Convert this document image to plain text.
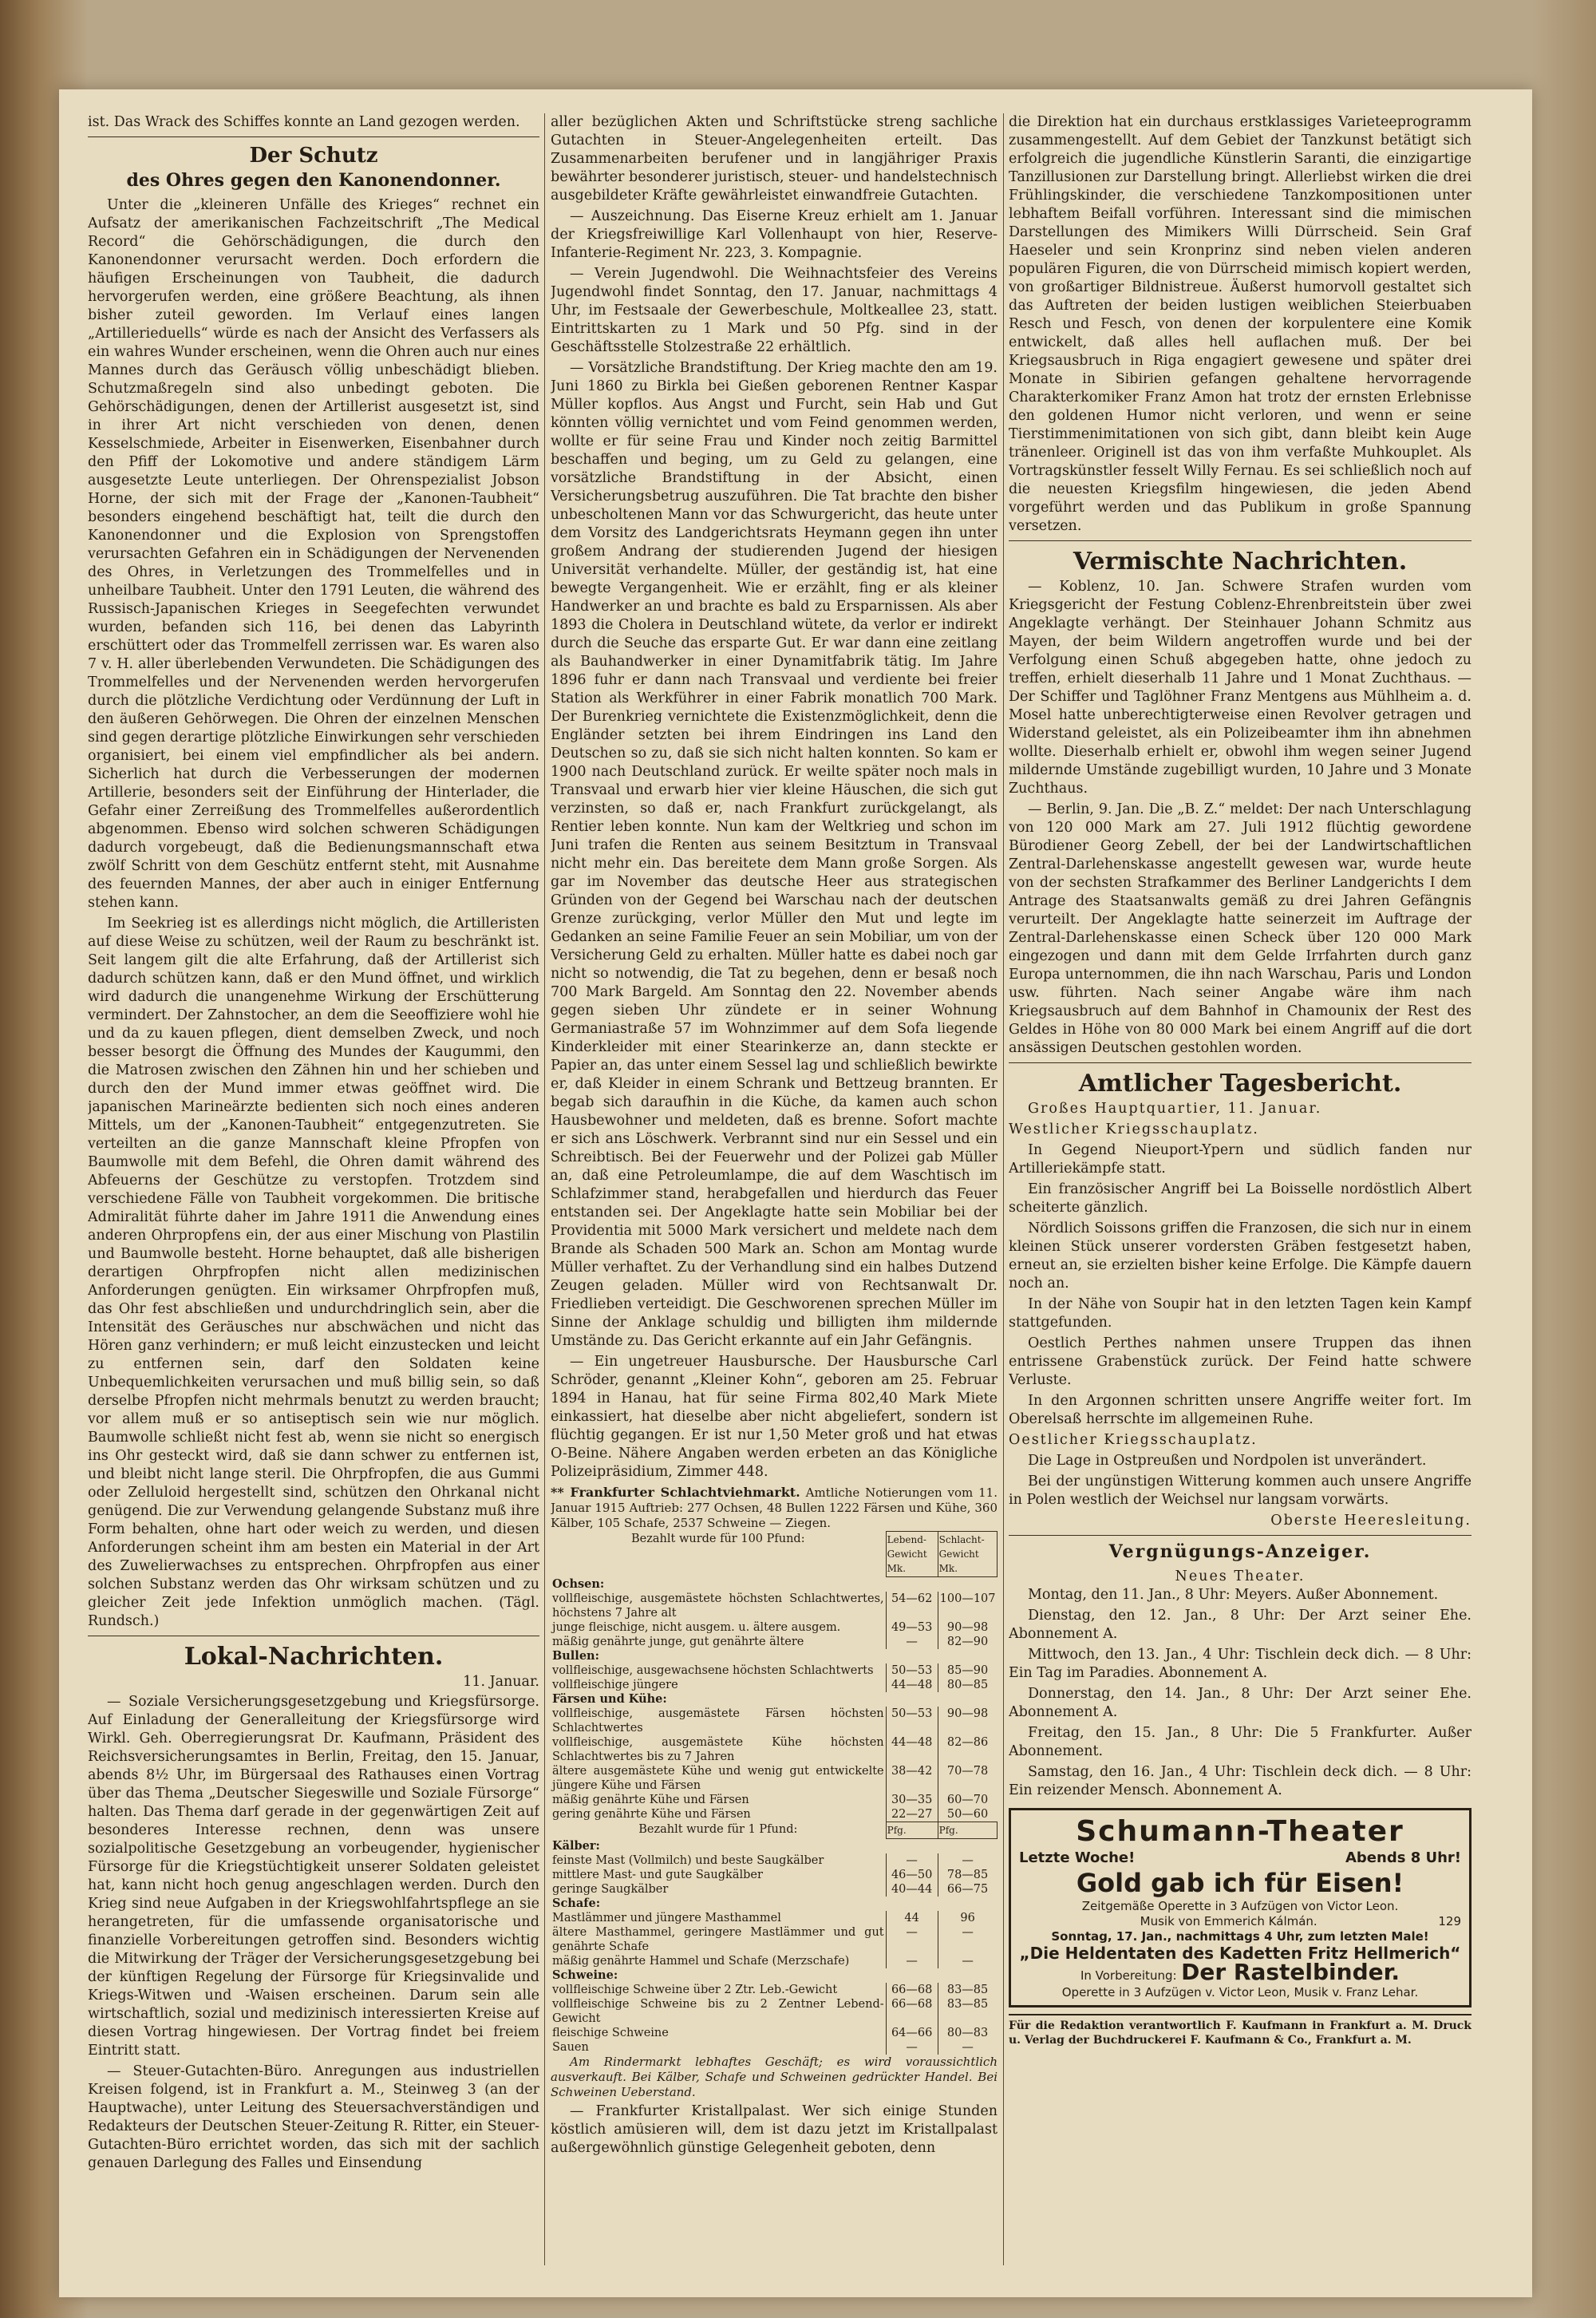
ist. Das Wrack des Schiffes konnte an Land gezogen werden.

Der Schutz
des Ohres gegen den Kanonendonner.

Unter die „kleineren Unfälle des Krieges“ rechnet ein Aufsatz der amerikanischen Fachzeitschrift „The Medical Record“ die Gehörschädigungen, die durch den Kanonendonner verursacht werden. Doch erfordern die häufigen Erscheinungen von Taubheit, die dadurch hervorgerufen werden, eine größere Beachtung, als ihnen bisher zuteil geworden. Im Verlauf eines langen „Artillerieduells“ würde es nach der Ansicht des Verfassers als ein wahres Wunder erscheinen, wenn die Ohren auch nur eines Mannes durch das Geräusch völlig unbeschädigt blieben. Schutzmaßregeln sind also unbedingt geboten. Die Gehörschädigungen, denen der Artillerist ausgesetzt ist, sind in ihrer Art nicht verschieden von denen, denen Kesselschmiede, Arbeiter in Eisenwerken, Eisenbahner durch den Pfiff der Lokomotive und andere ständigem Lärm ausgesetzte Leute unterliegen. Der Ohrenspezialist Jobson Horne, der sich mit der Frage der „Kanonen-Taubheit“ besonders eingehend beschäftigt hat, teilt die durch den Kanonendonner und die Explosion von Sprengstoffen verursachten Gefahren ein in Schädigungen der Nervenenden des Ohres, in Verletzungen des Trommelfelles und in unheilbare Taubheit. Unter den 1791 Leuten, die während des Russisch-Japanischen Krieges in Seegefechten verwundet wurden, befanden sich 116, bei denen das Labyrinth erschüttert oder das Trommelfell zerrissen war. Es waren also 7 v. H. aller überlebenden Verwundeten. Die Schädigungen des Trommelfelles und der Nervenenden werden hervorgerufen durch die plötzliche Verdichtung oder Verdünnung der Luft in den äußeren Gehörwegen. Die Ohren der einzelnen Menschen sind gegen derartige plötzliche Einwirkungen sehr verschieden organisiert, bei einem viel empfindlicher als bei andern. Sicherlich hat durch die Verbesserungen der modernen Artillerie, besonders seit der Einführung der Hinterlader, die Gefahr einer Zerreißung des Trommelfelles außerordentlich abgenommen. Ebenso wird solchen schweren Schädigungen dadurch vorgebeugt, daß die Bedienungsmannschaft etwa zwölf Schritt von dem Geschütz entfernt steht, mit Ausnahme des feuernden Mannes, der aber auch in einiger Entfernung stehen kann.

Im Seekrieg ist es allerdings nicht möglich, die Artilleristen auf diese Weise zu schützen, weil der Raum zu beschränkt ist. Seit langem gilt die alte Erfahrung, daß der Artillerist sich dadurch schützen kann, daß er den Mund öffnet, und wirklich wird dadurch die unangenehme Wirkung der Erschütterung vermindert. Der Zahnstocher, an dem die Seeoffiziere wohl hie und da zu kauen pflegen, dient demselben Zweck, und noch besser besorgt die Öffnung des Mundes der Kaugummi, den die Matrosen zwischen den Zähnen hin und her schieben und durch den der Mund immer etwas geöffnet wird. Die japanischen Marineärzte bedienten sich noch eines anderen Mittels, um der „Kanonen-Taubheit“ entgegenzutreten. Sie verteilten an die ganze Mannschaft kleine Pfropfen von Baumwolle mit dem Befehl, die Ohren damit während des Abfeuerns der Geschütze zu verstopfen. Trotzdem sind verschiedene Fälle von Taubheit vorgekommen. Die britische Admiralität führte daher im Jahre 1911 die Anwendung eines anderen Ohrpropfens ein, der aus einer Mischung von Plastilin und Baumwolle besteht. Horne behauptet, daß alle bisherigen derartigen Ohrpfropfen nicht allen medizinischen Anforderungen genügten. Ein wirksamer Ohrpfropfen muß, das Ohr fest abschließen und undurchdringlich sein, aber die Intensität des Geräusches nur abschwächen und nicht das Hören ganz verhindern; er muß leicht einzustecken und leicht zu entfernen sein, darf den Soldaten keine Unbequemlichkeiten verursachen und muß billig sein, so daß derselbe Pfropfen nicht mehrmals benutzt zu werden braucht; vor allem muß er so antiseptisch sein wie nur möglich. Baumwolle schließt nicht fest ab, wenn sie nicht so energisch ins Ohr gesteckt wird, daß sie dann schwer zu entfernen ist, und bleibt nicht lange steril. Die Ohrpfropfen, die aus Gummi oder Zelluloid hergestellt sind, schützen den Ohrkanal nicht genügend. Die zur Verwendung gelangende Substanz muß ihre Form behalten, ohne hart oder weich zu werden, und diesen Anforderungen scheint ihm am besten ein Material in der Art des Zuwelierwachses zu entsprechen. Ohrpfropfen aus einer solchen Substanz werden das Ohr wirksam schützen und zu gleicher Zeit jede Infektion unmöglich machen. (Tägl. Rundsch.)

Lokal-Nachrichten.
11. Januar.

— Soziale Versicherungsgesetzgebung und Kriegsfürsorge. Auf Einladung der Generalleitung der Kriegsfürsorge wird Wirkl. Geh. Oberregierungsrat Dr. Kaufmann, Präsident des Reichsversicherungsamtes in Berlin, Freitag, den 15. Januar, abends 8½ Uhr, im Bürgersaal des Rathauses einen Vortrag über das Thema „Deutscher Siegeswille und Soziale Fürsorge“ halten. Das Thema darf gerade in der gegenwärtigen Zeit auf besonderes Interesse rechnen, denn was unsere sozialpolitische Gesetzgebung an vorbeugender, hygienischer Fürsorge für die Kriegstüchtigkeit unserer Soldaten geleistet hat, kann nicht hoch genug angeschlagen werden. Durch den Krieg sind neue Aufgaben in der Kriegswohlfahrtspflege an sie herangetreten, für die umfassende organisatorische und finanzielle Vorbereitungen getroffen sind. Besonders wichtig die Mitwirkung der Träger der Versicherungsgesetzgebung bei der künftigen Regelung der Fürsorge für Kriegsinvalide und Kriegs-Witwen und -Waisen erscheinen. Darum sein alle wirtschaftlich, sozial und medizinisch interessierten Kreise auf diesen Vortrag hingewiesen. Der Vortrag findet bei freiem Eintritt statt.

— Steuer-Gutachten-Büro. Anregungen aus industriellen Kreisen folgend, ist in Frankfurt a. M., Steinweg 3 (an der Hauptwache), unter Leitung des Steuersachverständigen und Redakteurs der Deutschen Steuer-Zeitung R. Ritter, ein Steuer-Gutachten-Büro errichtet worden, das sich mit der sachlich genauen Darlegung des Falles und Einsendung

aller bezüglichen Akten und Schriftstücke streng sachliche Gutachten in Steuer-Angelegenheiten erteilt. Das Zusammenarbeiten berufener und in langjähriger Praxis bewährter besonderer juristisch, steuer- und handelstechnisch ausgebildeter Kräfte gewährleistet einwandfreie Gutachten.

— Auszeichnung. Das Eiserne Kreuz erhielt am 1. Januar der Kriegsfreiwillige Karl Vollenhaupt von hier, Reserve-Infanterie-Regiment Nr. 223, 3. Kompagnie.

— Verein Jugendwohl. Die Weihnachtsfeier des Vereins Jugendwohl findet Sonntag, den 17. Januar, nachmittags 4 Uhr, im Festsaale der Gewerbeschule, Moltkeallee 23, statt. Eintrittskarten zu 1 Mark und 50 Pfg. sind in der Geschäftsstelle Stolzestraße 22 erhältlich.

— Vorsätzliche Brandstiftung. Der Krieg machte den am 19. Juni 1860 zu Birkla bei Gießen geborenen Rentner Kaspar Müller kopflos. Aus Angst und Furcht, sein Hab und Gut könnten völlig vernichtet und vom Feind genommen werden, wollte er für seine Frau und Kinder noch zeitig Barmittel beschaffen und beging, um zu Geld zu gelangen, eine vorsätzliche Brandstiftung in der Absicht, einen Versicherungsbetrug auszuführen. Die Tat brachte den bisher unbescholtenen Mann vor das Schwurgericht, das heute unter dem Vorsitz des Landgerichtsrats Heymann gegen ihn unter großem Andrang der studierenden Jugend der hiesigen Universität verhandelte. Müller, der geständig ist, hat eine bewegte Vergangenheit. Wie er erzählt, fing er als kleiner Handwerker an und brachte es bald zu Ersparnissen. Als aber 1893 die Cholera in Deutschland wütete, da verlor er indirekt durch die Seuche das ersparte Gut. Er war dann eine zeitlang als Bauhandwerker in einer Dynamitfabrik tätig. Im Jahre 1896 fuhr er dann nach Transvaal und verdiente bei freier Station als Werkführer in einer Fabrik monatlich 700 Mark. Der Burenkrieg vernichtete die Existenzmöglichkeit, denn die Engländer setzten bei ihrem Eindringen ins Land den Deutschen so zu, daß sie sich nicht halten konnten. So kam er 1900 nach Deutschland zurück. Er weilte später noch mals in Transvaal und erwarb hier vier kleine Häuschen, die sich gut verzinsten, so daß er, nach Frankfurt zurückgelangt, als Rentier leben konnte. Nun kam der Weltkrieg und schon im Juni trafen die Renten aus seinem Besitztum in Transvaal nicht mehr ein. Das bereitete dem Mann große Sorgen. Als gar im November das deutsche Heer aus strategischen Gründen von der Gegend bei Warschau nach der deutschen Grenze zurückging, verlor Müller den Mut und legte im Gedanken an seine Familie Feuer an sein Mobiliar, um von der Versicherung Geld zu erhalten. Müller hatte es dabei noch gar nicht so notwendig, die Tat zu begehen, denn er besaß noch 700 Mark Bargeld. Am Sonntag den 22. November abends gegen sieben Uhr zündete er in seiner Wohnung Germaniastraße 57 im Wohnzimmer auf dem Sofa liegende Kinderkleider mit einer Stearinkerze an, dann steckte er Papier an, das unter einem Sessel lag und schließlich bewirkte er, daß Kleider in einem Schrank und Bettzeug brannten. Er begab sich daraufhin in die Küche, da kamen auch schon Hausbewohner und meldeten, daß es brenne. Sofort machte er sich ans Löschwerk. Verbrannt sind nur ein Sessel und ein Schreibtisch. Bei der Feuerwehr und der Polizei gab Müller an, daß eine Petroleumlampe, die auf dem Waschtisch im Schlafzimmer stand, herabgefallen und hierdurch das Feuer entstanden sei. Der Angeklagte hatte sein Mobiliar bei der Providentia mit 5000 Mark versichert und meldete nach dem Brande als Schaden 500 Mark an. Schon am Montag wurde Müller verhaftet. Zu der Verhandlung sind ein halbes Dutzend Zeugen geladen. Müller wird von Rechtsanwalt Dr. Friedlieben verteidigt. Die Geschworenen sprechen Müller im Sinne der Anklage schuldig und billigten ihm mildernde Umstände zu. Das Gericht erkannte auf ein Jahr Gefängnis.

— Ein ungetreuer Hausbursche. Der Hausbursche Carl Schröder, genannt „Kleiner Kohn“, geboren am 25. Februar 1894 in Hanau, hat für seine Firma 802,40 Mark Miete einkassiert, hat dieselbe aber nicht abgeliefert, sondern ist flüchtig gegangen. Er ist nur 1,50 Meter groß und hat etwas O-Beine. Nähere Angaben werden erbeten an das Königliche Polizeipräsidium, Zimmer 448.

** Frankfurter Schlachtviehmarkt. Amtliche Notierungen vom 11. Januar 1915 Auftrieb: 277 Ochsen, 48 Bullen 1222 Färsen und Kühe, 360 Kälber, 105 Schafe, 2537 Schweine — Ziegen.
Bezahlt wurde für 100 Pfund:	Lebend-Gewicht Mk.	Schlacht-Gewicht Mk.
Ochsen:		
vollfleischige, ausgemästete höchsten Schlachtwertes, höchstens 7 Jahre alt	54—62	100—107
junge fleischige, nicht ausgem. u. ältere ausgem.	49—53	90—98
mäßig genährte junge, gut genährte ältere	—	82—90
Bullen:		
vollfleischige, ausgewachsene höchsten Schlachtwerts	50—53	85—90
vollfleischige jüngere	44—48	80—85
Färsen und Kühe:		
vollfleischige, ausgemästete Färsen höchsten Schlachtwertes	50—53	90—98
vollfleischige, ausgemästete Kühe höchsten Schlachtwertes bis zu 7 Jahren	44—48	82—86
ältere ausgemästete Kühe und wenig gut entwickelte jüngere Kühe und Färsen	38—42	70—78
mäßig genährte Kühe und Färsen	30—35	60—70
gering genährte Kühe und Färsen	22—27	50—60
Bezahlt wurde für 1 Pfund:	Pfg.	Pfg.
Kälber:		
feinste Mast (Vollmilch) und beste Saugkälber	—	—
mittlere Mast- und gute Saugkälber	46—50	78—85
geringe Saugkälber	40—44	66—75
Schafe:		
Mastlämmer und jüngere Masthammel	44	96
ältere Masthammel, geringere Mastlämmer und gut genährte Schafe	—	—
mäßig genährte Hammel und Schafe (Merzschafe)	—	—
Schweine:		
vollfleischige Schweine über 2 Ztr. Leb.-Gewicht	66—68	83—85
vollfleischige Schweine bis zu 2 Zentner Lebend-Gewicht	66—68	83—85
fleischige Schweine	64—66	80—83
Sauen	—	—

Am Rindermarkt lebhaftes Geschäft; es wird voraussichtlich ausverkauft. Bei Kälber, Schafe und Schweinen gedrückter Handel. Bei Schweinen Ueberstand.

— Frankfurter Kristallpalast. Wer sich einige Stunden köstlich amüsieren will, dem ist dazu jetzt im Kristallpalast außergewöhnlich günstige Gelegenheit geboten, denn

die Direktion hat ein durchaus erstklassiges Varieteeprogramm zusammengestellt. Auf dem Gebiet der Tanzkunst betätigt sich erfolgreich die jugendliche Künstlerin Saranti, die einzigartige Tanzillusionen zur Darstellung bringt. Allerliebst wirken die drei Frühlingskinder, die verschiedene Tanzkompositionen unter lebhaftem Beifall vorführen. Interessant sind die mimischen Darstellungen des Mimikers Willi Dürrscheid. Sein Graf Haeseler und sein Kronprinz sind neben vielen anderen populären Figuren, die von Dürrscheid mimisch kopiert werden, von großartiger Bildnistreue. Äußerst humorvoll gestaltet sich das Auftreten der beiden lustigen weiblichen Steierbuaben Resch und Fesch, von denen der korpulentere eine Komik entwickelt, daß alles hell auflachen muß. Der bei Kriegsausbruch in Riga engagiert gewesene und später drei Monate in Sibirien gefangen gehaltene hervorragende Charakterkomiker Franz Amon hat trotz der ernsten Erlebnisse den goldenen Humor nicht verloren, und wenn er seine Tierstimmenimitationen von sich gibt, dann bleibt kein Auge tränenleer. Originell ist das von ihm verfaßte Muhkouplet. Als Vortragskünstler fesselt Willy Fernau. Es sei schließlich noch auf die neuesten Kriegsfilm hingewiesen, die jeden Abend vorgeführt werden und das Publikum in große Spannung versetzen.

Vermischte Nachrichten.

— Koblenz, 10. Jan. Schwere Strafen wurden vom Kriegsgericht der Festung Coblenz-Ehrenbreitstein über zwei Angeklagte verhängt. Der Steinhauer Johann Schmitz aus Mayen, der beim Wildern angetroffen wurde und bei der Verfolgung einen Schuß abgegeben hatte, ohne jedoch zu treffen, erhielt dieserhalb 11 Jahre und 1 Monat Zuchthaus. — Der Schiffer und Taglöhner Franz Mentgens aus Mühlheim a. d. Mosel hatte unberechtigterweise einen Revolver getragen und Widerstand geleistet, als ein Polizeibeamter ihm ihn abnehmen wollte. Dieserhalb erhielt er, obwohl ihm wegen seiner Jugend mildernde Umstände zugebilligt wurden, 10 Jahre und 3 Monate Zuchthaus.

— Berlin, 9. Jan. Die „B. Z.“ meldet: Der nach Unterschlagung von 120 000 Mark am 27. Juli 1912 flüchtig gewordene Bürodiener Georg Zebell, der bei der Landwirtschaftlichen Zentral-Darlehenskasse angestellt gewesen war, wurde heute von der sechsten Strafkammer des Berliner Landgerichts I dem Antrage des Staatsanwalts gemäß zu drei Jahren Gefängnis verurteilt. Der Angeklagte hatte seinerzeit im Auftrage der Zentral-Darlehenskasse einen Scheck über 120 000 Mark eingezogen und dann mit dem Gelde Irrfahrten durch ganz Europa unternommen, die ihn nach Warschau, Paris und London usw. führten. Nach seiner Angabe wäre ihm nach Kriegsausbruch auf dem Bahnhof in Chamounix der Rest des Geldes in Höhe von 80 000 Mark bei einem Angriff auf die dort ansässigen Deutschen gestohlen worden.

Amtlicher Tagesbericht.

Großes Hauptquartier, 11. Januar.

Westlicher Kriegsschauplatz.

In Gegend Nieuport-Ypern und südlich fanden nur Artilleriekämpfe statt.

Ein französischer Angriff bei La Boisselle nordöstlich Albert scheiterte gänzlich.

Nördlich Soissons griffen die Franzosen, die sich nur in einem kleinen Stück unserer vordersten Gräben festgesetzt haben, erneut an, sie erzielten bisher keine Erfolge. Die Kämpfe dauern noch an.

In der Nähe von Soupir hat in den letzten Tagen kein Kampf stattgefunden.

Oestlich Perthes nahmen unsere Truppen das ihnen entrissene Grabenstück zurück. Der Feind hatte schwere Verluste.

In den Argonnen schritten unsere Angriffe weiter fort. Im Oberelsaß herrschte im allgemeinen Ruhe.

Oestlicher Kriegsschauplatz.

Die Lage in Ostpreußen und Nordpolen ist unverändert.

Bei der ungünstigen Witterung kommen auch unsere Angriffe in Polen westlich der Weichsel nur langsam vorwärts.

Oberste Heeresleitung.
Vergnügungs-Anzeiger.
Neues Theater.

Montag, den 11. Jan., 8 Uhr: Meyers. Außer Abonnement.

Dienstag, den 12. Jan., 8 Uhr: Der Arzt seiner Ehe. Abonnement A.

Mittwoch, den 13. Jan., 4 Uhr: Tischlein deck dich. — 8 Uhr: Ein Tag im Paradies. Abonnement A.

Donnerstag, den 14. Jan., 8 Uhr: Der Arzt seiner Ehe. Abonnement A.

Freitag, den 15. Jan., 8 Uhr: Die 5 Frankfurter. Außer Abonnement.

Samstag, den 16. Jan., 4 Uhr: Tischlein deck dich. — 8 Uhr: Ein reizender Mensch. Abonnement A.

Schumann-Theater
Letzte Woche!	Abends 8 Uhr!
Gold gab ich für Eisen!
Zeitgemäße Operette in 3 Aufzügen von Victor Leon.
Musik von Emmerich Kálmán.	129
Sonntag, 17. Jan., nachmittags 4 Uhr, zum letzten Male!
„Die Heldentaten des Kadetten Fritz Hellmerich“
In Vorbereitung: Der Rastelbinder.
Operette in 3 Aufzügen v. Victor Leon, Musik v. Franz Lehar.
Für die Redaktion verantwortlich F. Kaufmann in Frankfurt a. M. Druck u. Verlag der Buchdruckerei F. Kaufmann & Co., Frankfurt a. M.
